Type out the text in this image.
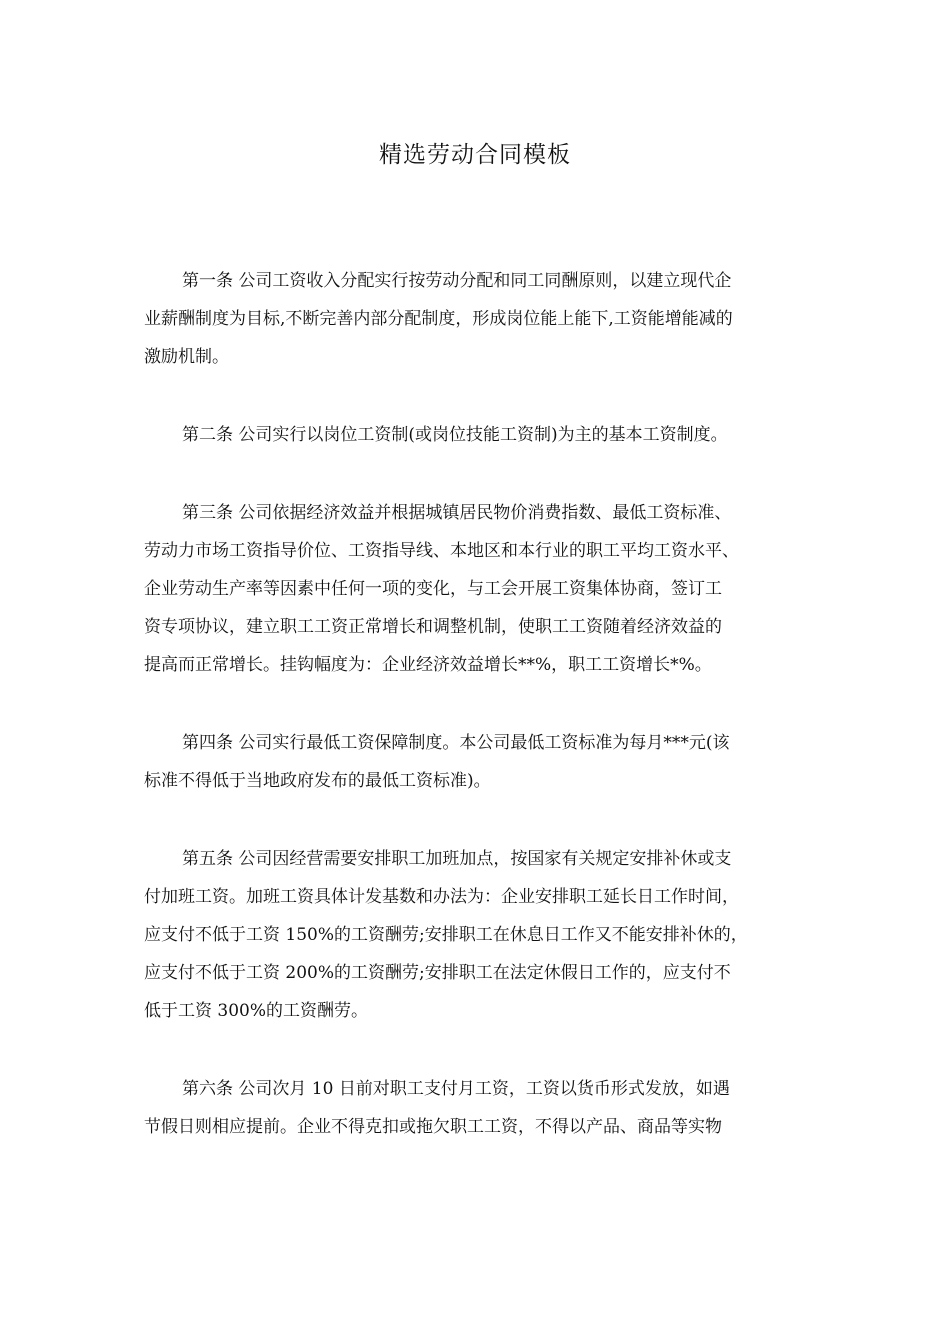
精选劳动合同模板
第一条 公司工资收入分配实行按劳动分配和同工同酬原则，以建立现代企
业薪酬制度为目标,不断完善内部分配制度，形成岗位能上能下,工资能增能减的
激励机制。
第二条 公司实行以岗位工资制(或岗位技能工资制)为主的基本工资制度。
第三条 公司依据经济效益并根据城镇居民物价消费指数、最低工资标准、
劳动力市场工资指导价位、工资指导线、本地区和本行业的职工平均工资水平、
企业劳动生产率等因素中任何一项的变化，与工会开展工资集体协商，签订工
资专项协议，建立职工工资正常增长和调整机制，使职工工资随着经济效益的
提高而正常增长。挂钩幅度为：企业经济效益增长**%，职工工资增长*%。
第四条 公司实行最低工资保障制度。本公司最低工资标准为每月***元(该
标准不得低于当地政府发布的最低工资标准)。
第五条 公司因经营需要安排职工加班加点，按国家有关规定安排补休或支
付加班工资。加班工资具体计发基数和办法为：企业安排职工延长日工作时间，
应支付不低于工资 150%的工资酬劳;安排职工在休息日工作又不能安排补休的，
应支付不低于工资 200%的工资酬劳;安排职工在法定休假日工作的，应支付不
低于工资 300%的工资酬劳。
第六条 公司次月 10 日前对职工支付月工资，工资以货币形式发放，如遇
节假日则相应提前。企业不得克扣或拖欠职工工资，不得以产品、商品等实物
